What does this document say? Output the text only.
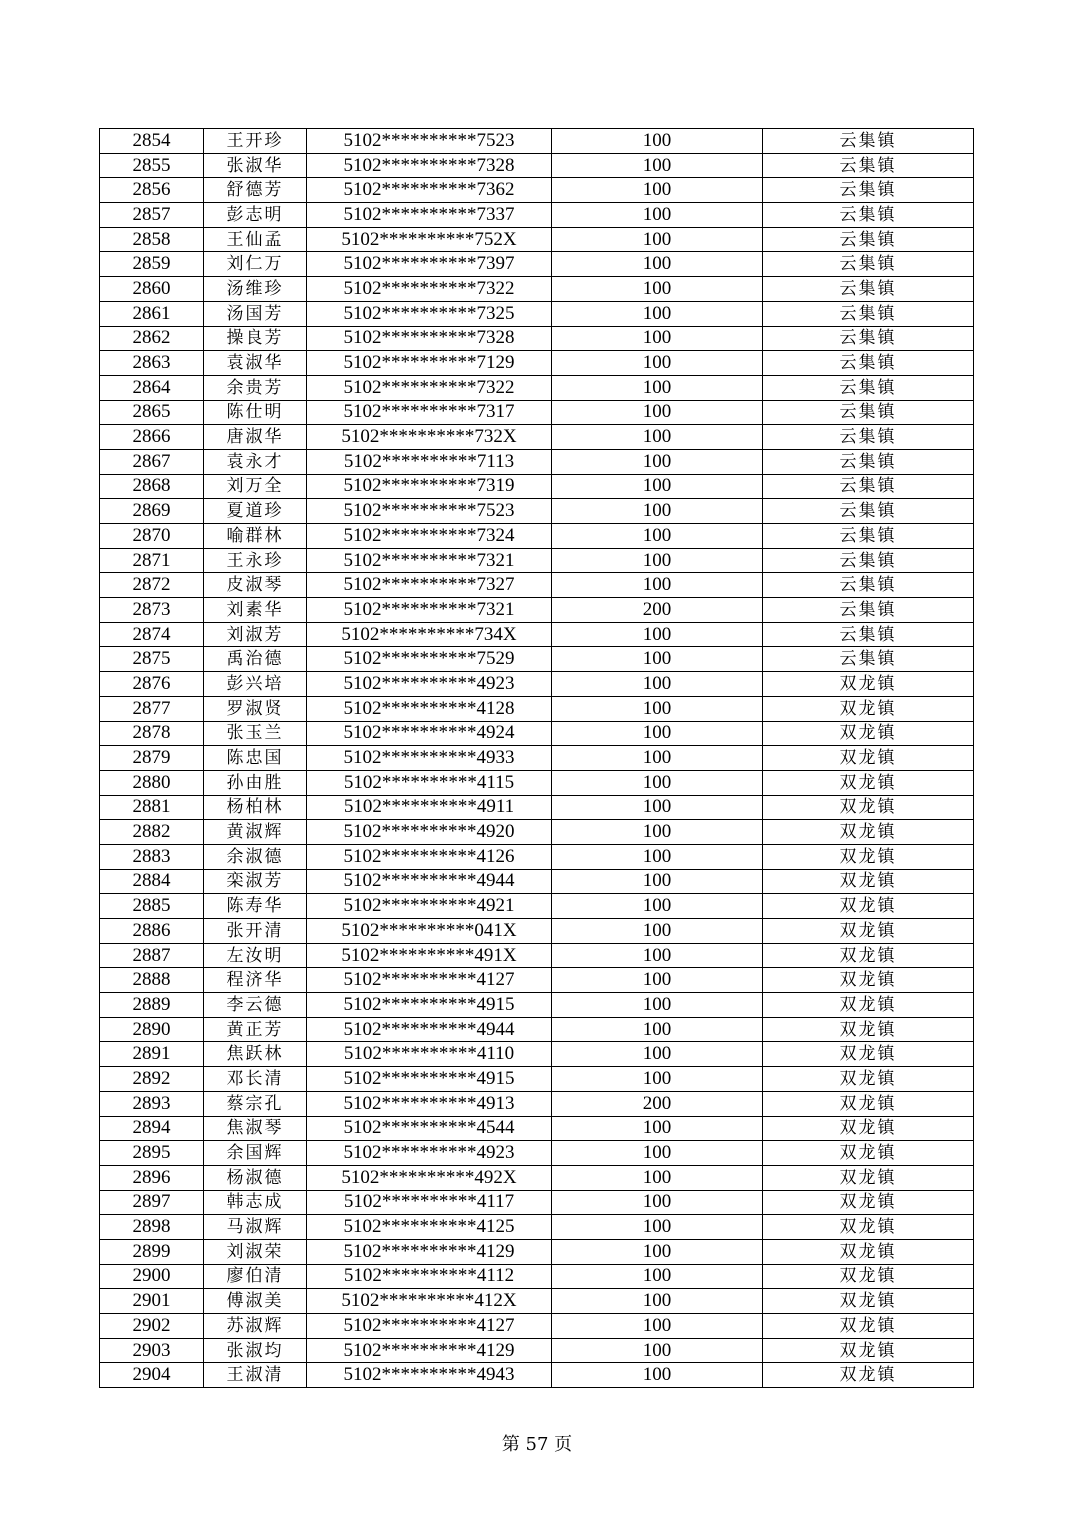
2854	王开珍	5102**********7523	100	云集镇
2855	张淑华	5102**********7328	100	云集镇
2856	舒德芳	5102**********7362	100	云集镇
2857	彭志明	5102**********7337	100	云集镇
2858	王仙孟	5102**********752X	100	云集镇
2859	刘仁万	5102**********7397	100	云集镇
2860	汤维珍	5102**********7322	100	云集镇
2861	汤国芳	5102**********7325	100	云集镇
2862	操良芳	5102**********7328	100	云集镇
2863	袁淑华	5102**********7129	100	云集镇
2864	余贵芳	5102**********7322	100	云集镇
2865	陈仕明	5102**********7317	100	云集镇
2866	唐淑华	5102**********732X	100	云集镇
2867	袁永才	5102**********7113	100	云集镇
2868	刘万全	5102**********7319	100	云集镇
2869	夏道珍	5102**********7523	100	云集镇
2870	喻群林	5102**********7324	100	云集镇
2871	王永珍	5102**********7321	100	云集镇
2872	皮淑琴	5102**********7327	100	云集镇
2873	刘素华	5102**********7321	200	云集镇
2874	刘淑芳	5102**********734X	100	云集镇
2875	禹治德	5102**********7529	100	云集镇
2876	彭兴培	5102**********4923	100	双龙镇
2877	罗淑贤	5102**********4128	100	双龙镇
2878	张玉兰	5102**********4924	100	双龙镇
2879	陈忠国	5102**********4933	100	双龙镇
2880	孙由胜	5102**********4115	100	双龙镇
2881	杨柏林	5102**********4911	100	双龙镇
2882	黄淑辉	5102**********4920	100	双龙镇
2883	余淑德	5102**********4126	100	双龙镇
2884	栾淑芳	5102**********4944	100	双龙镇
2885	陈寿华	5102**********4921	100	双龙镇
2886	张开清	5102**********041X	100	双龙镇
2887	左汝明	5102**********491X	100	双龙镇
2888	程济华	5102**********4127	100	双龙镇
2889	李云德	5102**********4915	100	双龙镇
2890	黄正芳	5102**********4944	100	双龙镇
2891	焦跃林	5102**********4110	100	双龙镇
2892	邓长清	5102**********4915	100	双龙镇
2893	蔡宗孔	5102**********4913	200	双龙镇
2894	焦淑琴	5102**********4544	100	双龙镇
2895	余国辉	5102**********4923	100	双龙镇
2896	杨淑德	5102**********492X	100	双龙镇
2897	韩志成	5102**********4117	100	双龙镇
2898	马淑辉	5102**********4125	100	双龙镇
2899	刘淑荣	5102**********4129	100	双龙镇
2900	廖伯清	5102**********4112	100	双龙镇
2901	傅淑美	5102**********412X	100	双龙镇
2902	苏淑辉	5102**********4127	100	双龙镇
2903	张淑均	5102**********4129	100	双龙镇
2904	王淑清	5102**********4943	100	双龙镇
第 57 页
